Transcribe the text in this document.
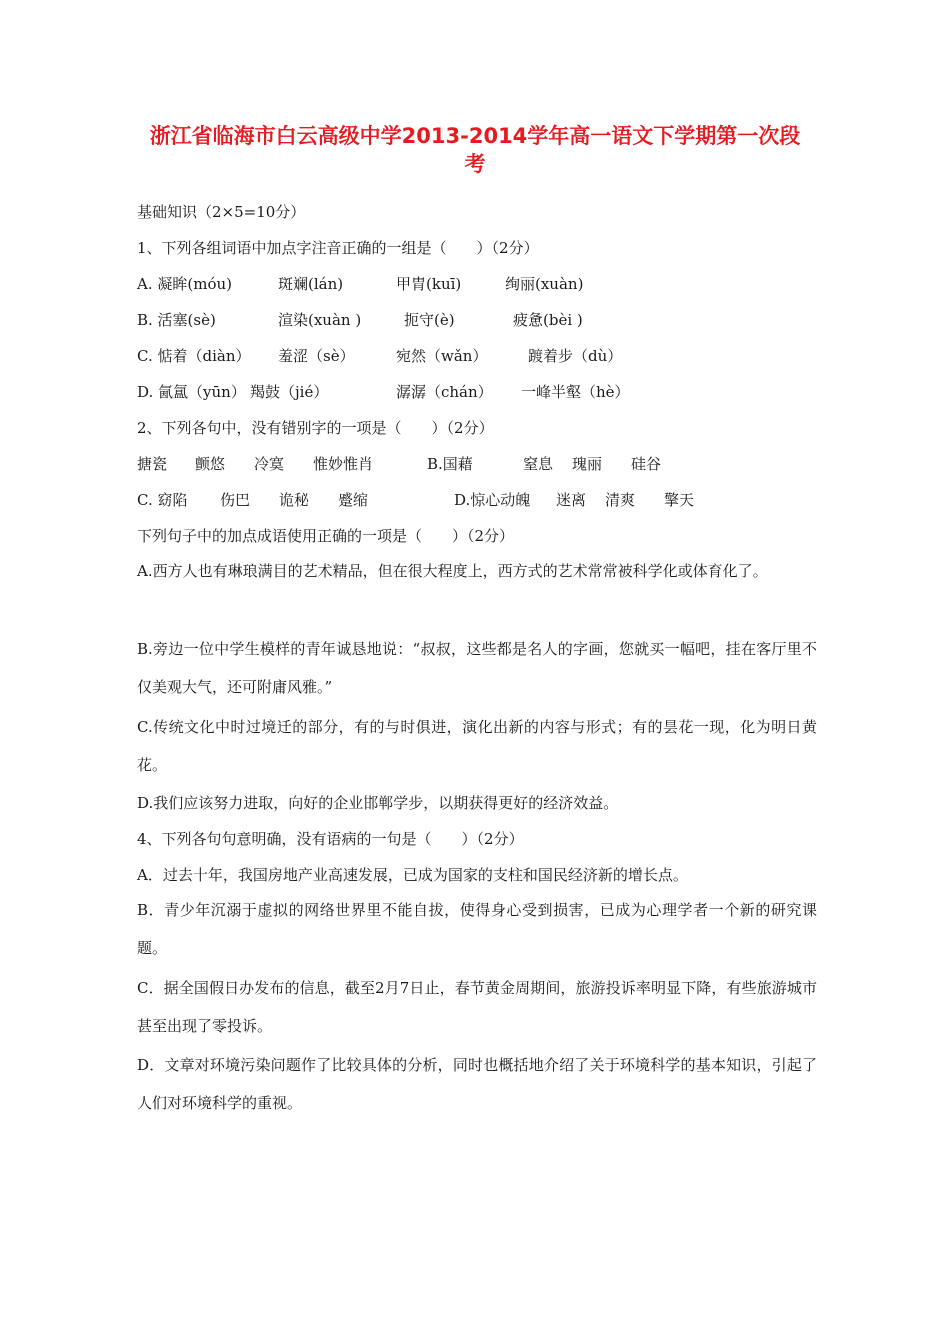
浙江省临海市白云高级中学2013-2014学年高一语文下学期第一次段
考
基础知识（2×5=10分）
1、下列各组词语中加点字注音正确的一组是（　　）（2分）
A. 凝眸(móu)	斑斓(lán)	甲胄(kuī)	绚丽(xuàn)
B. 活塞(sè)	渲染(xuàn )	扼守(è)	疲惫(bèi )
C. 惦着（diàn） 羞涩（sè）	宛然（wǎn）	踱着步（dù）
D. 氤氲（yūn） 羯鼓（jié）	潺潺（chán） 一峰半壑（hè）
2、下列各句中，没有错别字的一项是（　　）（2分）
搪瓷 颤悠 冷寞 惟妙惟肖	B.国藉	窒息 瑰丽 硅谷
C. 窈陷 伤巴 诡秘 蹙缩	D.惊心动魄 迷离 清爽 擎天
下列句子中的加点成语使用正确的一项是（　　）（2分）
A.西方人也有琳琅满目的艺术精品，但在很大程度上，西方式的艺术常常被科学化或体育化了。
B.旁边一位中学生模样的青年诚恳地说：“叔叔，这些都是名人的字画，您就买一幅吧，挂在客厅里不仅美观大气，还可附庸风雅。”
C.传统文化中时过境迁的部分，有的与时俱进，演化出新的内容与形式；有的昙花一现，化为明日黄花。
D.我们应该努力进取，向好的企业邯郸学步，以期获得更好的经济效益。
4、下列各句句意明确，没有语病的一句是（　　）（2分）
A．过去十年，我国房地产业高速发展，已成为国家的支柱和国民经济新的增长点。
B．青少年沉溺于虚拟的网络世界里不能自拔，使得身心受到损害，已成为心理学者一个新的研究课题。
C．据全国假日办发布的信息，截至2月7日止，春节黄金周期间，旅游投诉率明显下降，有些旅游城市甚至出现了零投诉。
D．文章对环境污染问题作了比较具体的分析，同时也概括地介绍了关于环境科学的基本知识，引起了人们对环境科学的重视。
